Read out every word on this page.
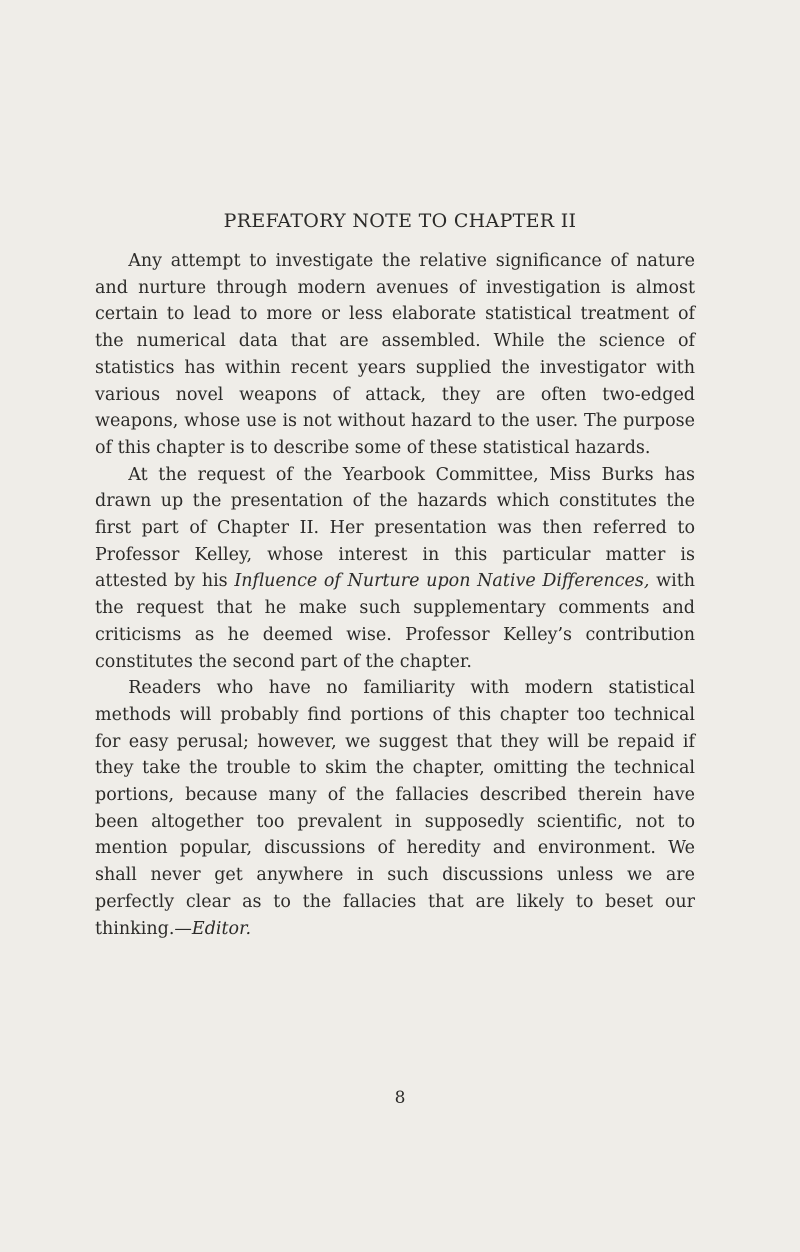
PREFATORY NOTE TO CHAPTER II

Any attempt to investigate the relative significance of nature and nurture through modern avenues of investigation is almost certain to lead to more or less elaborate statistical treatment of the numerical data that are assembled. While the science of statistics has within recent years supplied the investigator with various novel weapons of attack, they are often two-edged weapons, whose use is not without hazard to the user. The purpose of this chapter is to describe some of these statistical hazards.

At the request of the Yearbook Committee, Miss Burks has drawn up the presentation of the hazards which constitutes the first part of Chapter II. Her presentation was then referred to Professor Kelley, whose interest in this particular matter is attested by his Influence of Nurture upon Native Differences, with the request that he make such supplementary comments and criticisms as he deemed wise. Professor Kelley’s contribution constitutes the second part of the chapter.

Readers who have no familiarity with modern statistical methods will probably find portions of this chapter too technical for easy perusal; however, we suggest that they will be repaid if they take the trouble to skim the chapter, omitting the technical portions, because many of the fallacies described therein have been altogether too prevalent in supposedly scientific, not to mention popular, discussions of heredity and environment. We shall never get anywhere in such discussions unless we are perfectly clear as to the fallacies that are likely to beset our thinking.—Editor.

8
